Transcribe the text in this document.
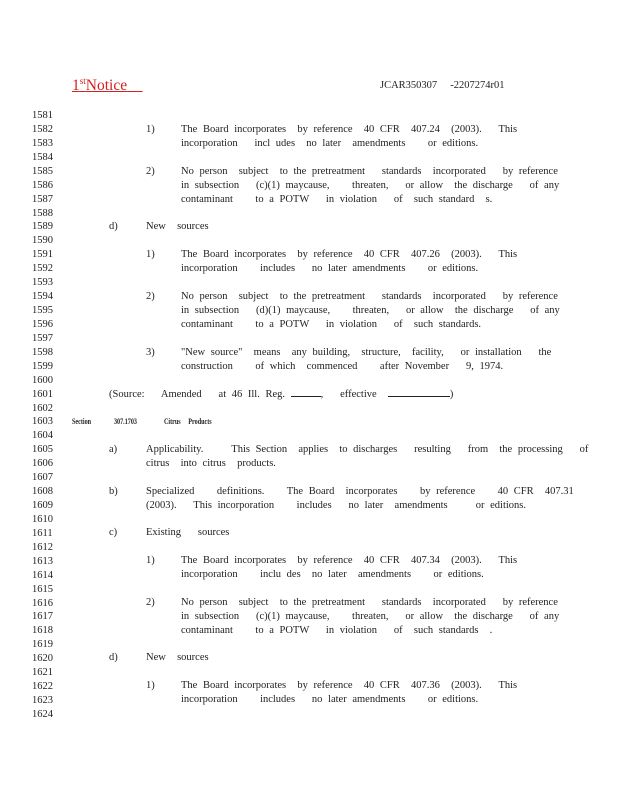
1stNotice	JCAR350307     -2207274r01
1581
1582
1583
1584
1585
1586
1587
1588
1589
1590
1591
1592
1593
1594
1595
1596
1597
1598
1599
1600
1601
1602
1603
1604
1605
1606
1607
1608
1609
1610
1611
1612
1613
1614
1615
1616
1617
1618
1619
1620
1621
1622
1623
1624
1)	The Board incorporates  by reference  40 CFR  407.24  (2003).   This
incorporation   incl udes  no later  amendments    or editions.
2)	No person  subject  to the pretreatment   standards  incorporated   by reference
in subsection   (c)(1) maycause,    threaten,   or allow  the discharge   of any
contaminant    to a POTW   in violation   of  such standard  s.
d)	New  sources
1)	The Board incorporates  by reference  40 CFR  407.26  (2003).   This
incorporation    includes   no later amendments    or editions.
2)	No person  subject  to the pretreatment   standards  incorporated   by reference
in subsection   (d)(1) maycause,    threaten,   or allow  the discharge   of any
contaminant    to a POTW   in violation   of  such standards.
3)	"New source"  means  any building,  structure,  facility,   or installation   the
construction    of which  commenced    after November   9, 1974.
(Source:   Amended   at 46 Ill. Reg.	,   effective	)
Section	307.1703	Citrus     Products
a)	Applicability.     This Section  applies  to discharges   resulting   from  the processing   of
citrus  into citrus  products.
b)	Specialized    definitions.    The Board  incorporates    by reference    40 CFR  407.31
(2003).   This incorporation    includes   no later  amendments     or editions.
c)	Existing   sources
1)	The Board incorporates  by reference  40 CFR  407.34  (2003).   This
incorporation    inclu des  no later  amendments    or editions.
2)	No person  subject  to the pretreatment   standards  incorporated   by reference
in subsection   (c)(1) maycause,    threaten,   or allow  the discharge   of any
contaminant    to a POTW   in violation   of  such standards  .
d)	New  sources
1)	The Board incorporates  by reference  40 CFR  407.36  (2003).   This
incorporation    includes   no later amendments    or editions.
